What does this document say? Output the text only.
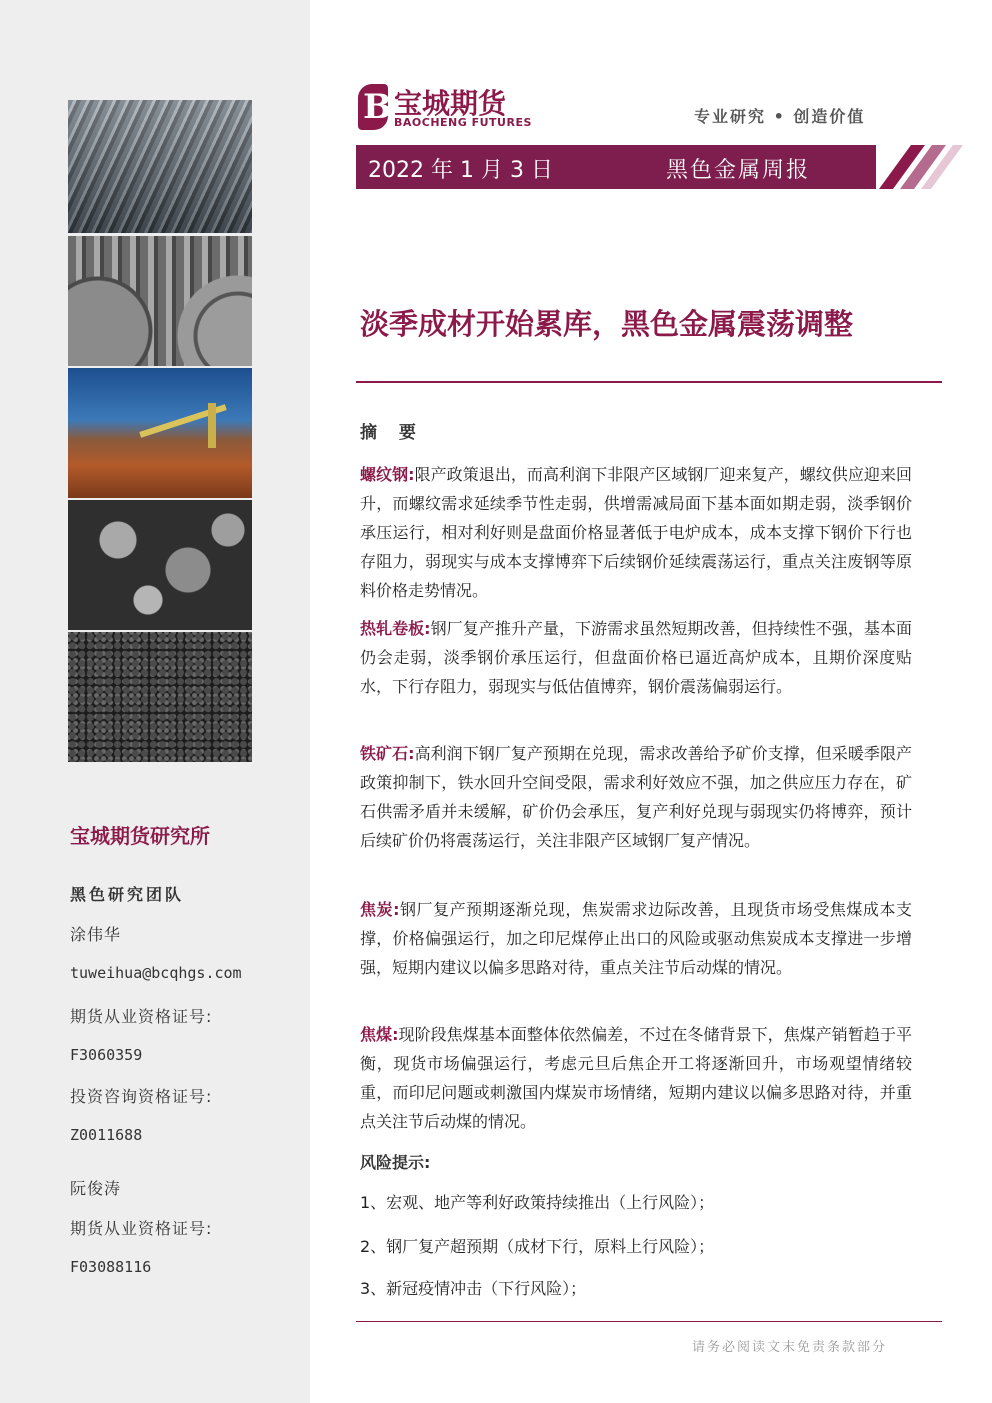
宝城期货研究所
黑色研究团队
涂伟华
tuweihua@bcqhgs.com
期货从业资格证号:
F3060359
投资咨询资格证号:
Z0011688
阮俊涛
期货从业资格证号:
F03088116
B 宝城期货
BAOCHENG FUTURES	专业研究 • 创造价值
2022 年 1 月 3 日	黑色金属周报
淡季成材开始累库，黑色金属震荡调整
摘 要
螺纹钢:限产政策退出，而高利润下非限产区域钢厂迎来复产，螺纹供应迎来回升，而螺纹需求延续季节性走弱，供增需减局面下基本面如期走弱，淡季钢价承压运行，相对利好则是盘面价格显著低于电炉成本，成本支撑下钢价下行也存阻力，弱现实与成本支撑博弈下后续钢价延续震荡运行，重点关注废钢等原料价格走势情况。
热轧卷板:钢厂复产推升产量，下游需求虽然短期改善，但持续性不强，基本面仍会走弱，淡季钢价承压运行，但盘面价格已逼近高炉成本，且期价深度贴水，下行存阻力，弱现实与低估值博弈，钢价震荡偏弱运行。
铁矿石:高利润下钢厂复产预期在兑现，需求改善给予矿价支撑，但采暖季限产政策抑制下，铁水回升空间受限，需求利好效应不强，加之供应压力存在，矿石供需矛盾并未缓解，矿价仍会承压，复产利好兑现与弱现实仍将博弈，预计后续矿价仍将震荡运行，关注非限产区域钢厂复产情况。
焦炭:钢厂复产预期逐渐兑现，焦炭需求边际改善，且现货市场受焦煤成本支撑，价格偏强运行，加之印尼煤停止出口的风险或驱动焦炭成本支撑进一步增强，短期内建议以偏多思路对待，重点关注节后动煤的情况。
焦煤:现阶段焦煤基本面整体依然偏差，不过在冬储背景下，焦煤产销暂趋于平衡，现货市场偏强运行，考虑元旦后焦企开工将逐渐回升，市场观望情绪较重，而印尼问题或刺激国内煤炭市场情绪，短期内建议以偏多思路对待，并重点关注节后动煤的情况。
风险提示:
1、宏观、地产等利好政策持续推出（上行风险）；
2、钢厂复产超预期（成材下行，原料上行风险）；
3、新冠疫情冲击（下行风险）；
请务必阅读文末免责条款部分
